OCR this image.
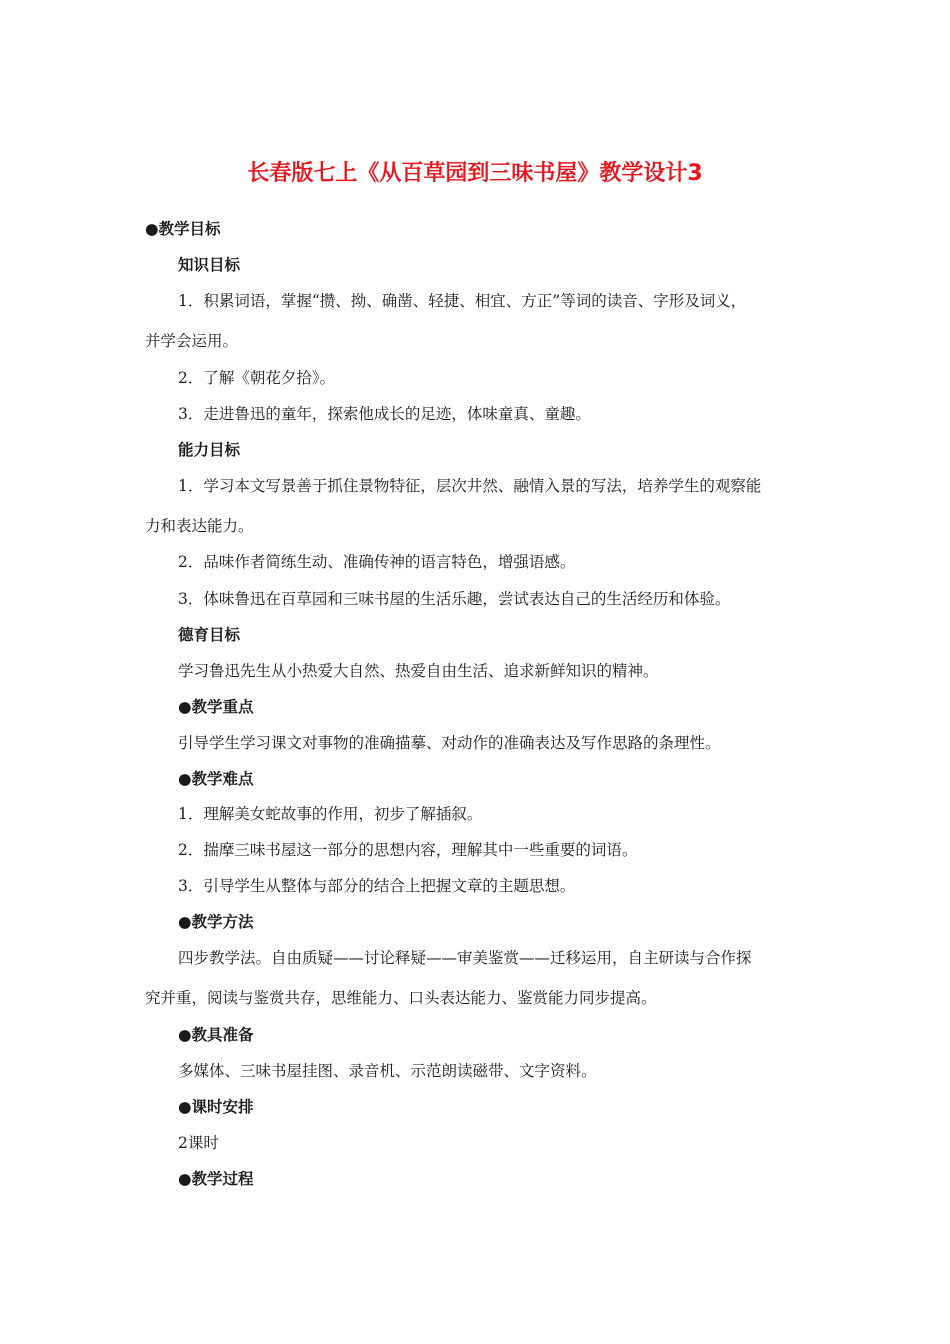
长春版七上《从百草园到三味书屋》教学设计3
●教学目标
知识目标
1．积累词语，掌握“攒、拗、确凿、轻捷、相宜、方正”等词的读音、字形及词义，
并学会运用。
2．了解《朝花夕拾》。
3．走进鲁迅的童年，探索他成长的足迹，体味童真、童趣。
能力目标
1．学习本文写景善于抓住景物特征，层次井然、融情入景的写法，培养学生的观察能
力和表达能力。
2．品味作者简练生动、准确传神的语言特色，增强语感。
3．体味鲁迅在百草园和三味书屋的生活乐趣，尝试表达自己的生活经历和体验。
德育目标
学习鲁迅先生从小热爱大自然、热爱自由生活、追求新鲜知识的精神。
●教学重点
引导学生学习课文对事物的准确描摹、对动作的准确表达及写作思路的条理性。
●教学难点
1．理解美女蛇故事的作用，初步了解插叙。
2．揣摩三味书屋这一部分的思想内容，理解其中一些重要的词语。
3．引导学生从整体与部分的结合上把握文章的主题思想。
●教学方法
四步教学法。自由质疑——讨论释疑——审美鉴赏——迁移运用，自主研读与合作探
究并重，阅读与鉴赏共存，思维能力、口头表达能力、鉴赏能力同步提高。
●教具准备
多媒体、三味书屋挂图、录音机、示范朗读磁带、文字资料。
●课时安排
2课时
●教学过程
